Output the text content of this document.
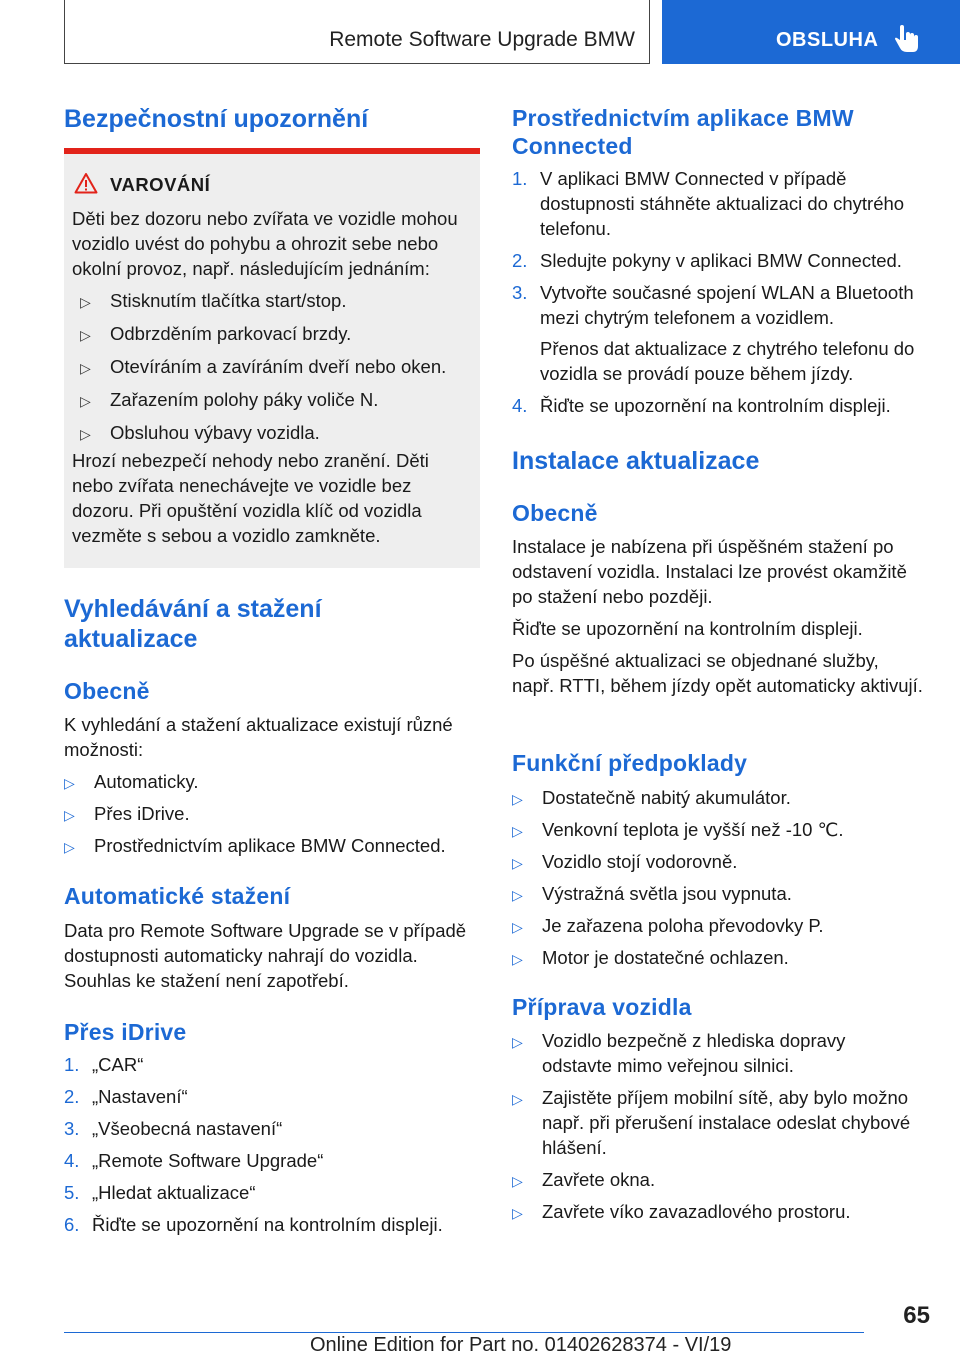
Remote Software Upgrade BMW	OBSLUHA
Bezpečnostní upozornění
VAROVÁNÍ

Děti bez dozoru nebo zvířata ve vozidle mohou vozidlo uvést do pohybu a ohrozit sebe nebo okolní provoz, např. následujícím jednáním:

▷ Stisknutím tlačítka start/stop.
▷ Odbrzděním parkovací brzdy.
▷ Otevíráním a zavíráním dveří nebo oken.
▷ Zařazením polohy páky voliče N.
▷ Obsluhou výbavy vozidla.

Hrozí nebezpečí nehody nebo zranění. Děti nebo zvířata nenechávejte ve vozidle bez dozoru. Při opuštění vozidla klíč od vozidla vezměte s sebou a vozidlo zamkněte.

Vyhledávání a stažení
aktualizace
Obecně

K vyhledání a stažení aktualizace existují různé možnosti:

▷ Automaticky.
▷ Přes iDrive.
▷ Prostřednictvím aplikace BMW Connected.
Automatické stažení

Data pro Remote Software Upgrade se v případě dostupnosti automaticky nahrají do vozidla. Souhlas ke stažení není zapotřebí.

Přes iDrive
1. „CAR“
2. „Nastavení“
3. „Všeobecná nastavení“
4. „Remote Software Upgrade“
5. „Hledat aktualizace“
6. Řiďte se upozornění na kontrolním displeji.
Prostřednictvím aplikace BMW Connected
1. V aplikaci BMW Connected v případě dostupnosti stáhněte aktualizaci do chytrého telefonu.
2. Sledujte pokyny v aplikaci BMW Connected.
3. Vytvořte současné spojení WLAN a Bluetooth mezi chytrým telefonem a vozidlem.
Přenos dat aktualizace z chytrého telefonu do vozidla se provádí pouze během jízdy.
4. Řiďte se upozornění na kontrolním displeji.
Instalace aktualizace
Obecně

Instalace je nabízena při úspěšném stažení po odstavení vozidla. Instalaci lze provést okamžitě po stažení nebo později.

Řiďte se upozornění na kontrolním displeji.

Po úspěšné aktualizaci se objednané služby, např. RTTI, během jízdy opět automaticky aktivují.

Funkční předpoklady
▷ Dostatečně nabitý akumulátor.
▷ Venkovní teplota je vyšší než -10 ℃.
▷ Vozidlo stojí vodorovně.
▷ Výstražná světla jsou vypnuta.
▷ Je zařazena poloha převodovky P.
▷ Motor je dostatečné ochlazen.
Příprava vozidla
▷ Vozidlo bezpečně z hlediska dopravy odstavte mimo veřejnou silnici.
▷ Zajistěte příjem mobilní sítě, aby bylo možno např. při přerušení instalace odeslat chybové hlášení.
▷ Zavřete okna.
▷ Zavřete víko zavazadlového prostoru.
65
Online Edition for Part no. 01402628374 - VI/19
